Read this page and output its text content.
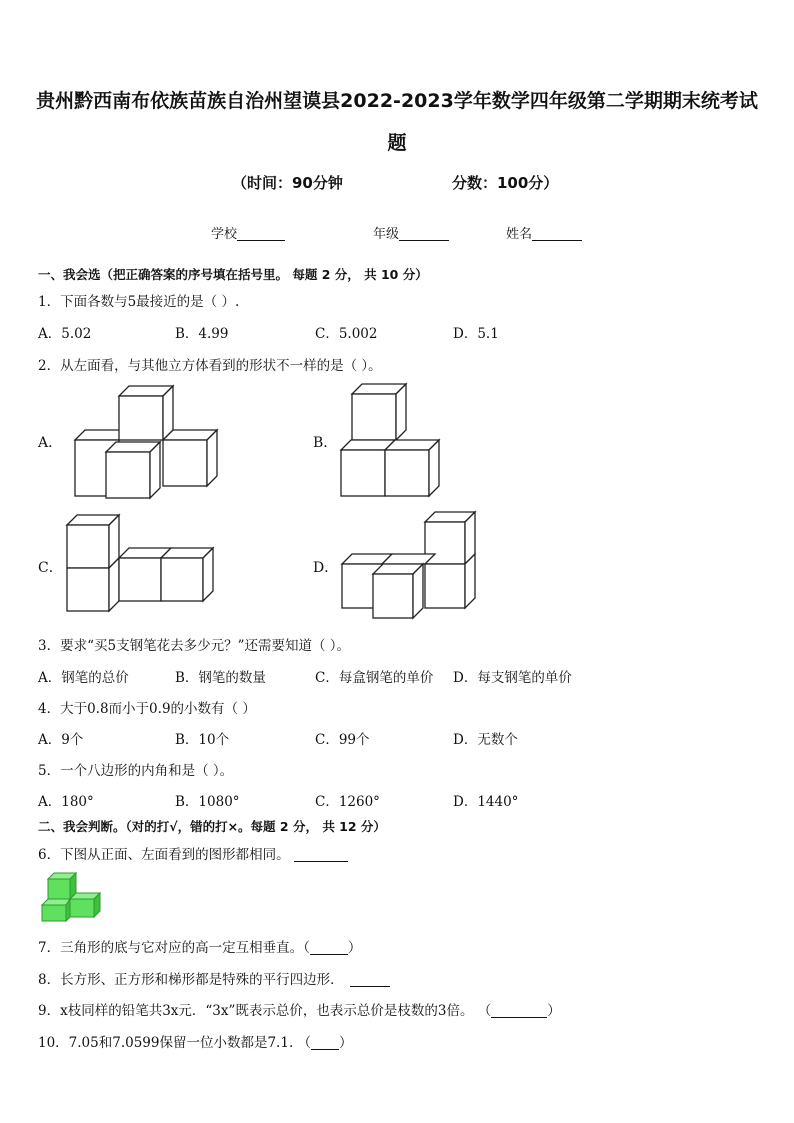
贵州黔西南布依族苗族自治州望谟县2022-2023学年数学四年级第二学期期末统考试
题
（时间：90分钟	分数：100分）
学校	年级	姓名
一、我会选（把正确答案的序号填在括号里。 每题 2 分， 共 10 分）
1．下面各数与5最接近的是（ ）.
A．5.02	B．4.99	C．5.002	D．5.1
2．从左面看，与其他立方体看到的形状不一样的是（ ）。
A．	B．
C．	D．
3．要求“买5支钢笔花去多少元？”还需要知道（ ）。
A．钢笔的总价	B．钢笔的数量	C．每盒钢笔的单价 D．每支钢笔的单价
4．大于0.8而小于0.9的小数有（ ）
A．9个	B．10个	C．99个	D．无数个
5．一个八边形的内角和是（ ）。
A．180°	B．1080°	C．1260°	D．1440°
二、我会判断。（对的打√，错的打×。每题 2 分， 共 12 分）
6．下图从正面、左面看到的图形都相同。
7．三角形的底与它对应的高一定互相垂直。（	）
8．长方形、正方形和梯形都是特殊的平行四边形．
9．x枝同样的铅笔共3x元．“3x”既表示总价，也表示总价是枝数的3倍。 （	）
10．7.05和7.0599保留一位小数都是7.1. （ ）
